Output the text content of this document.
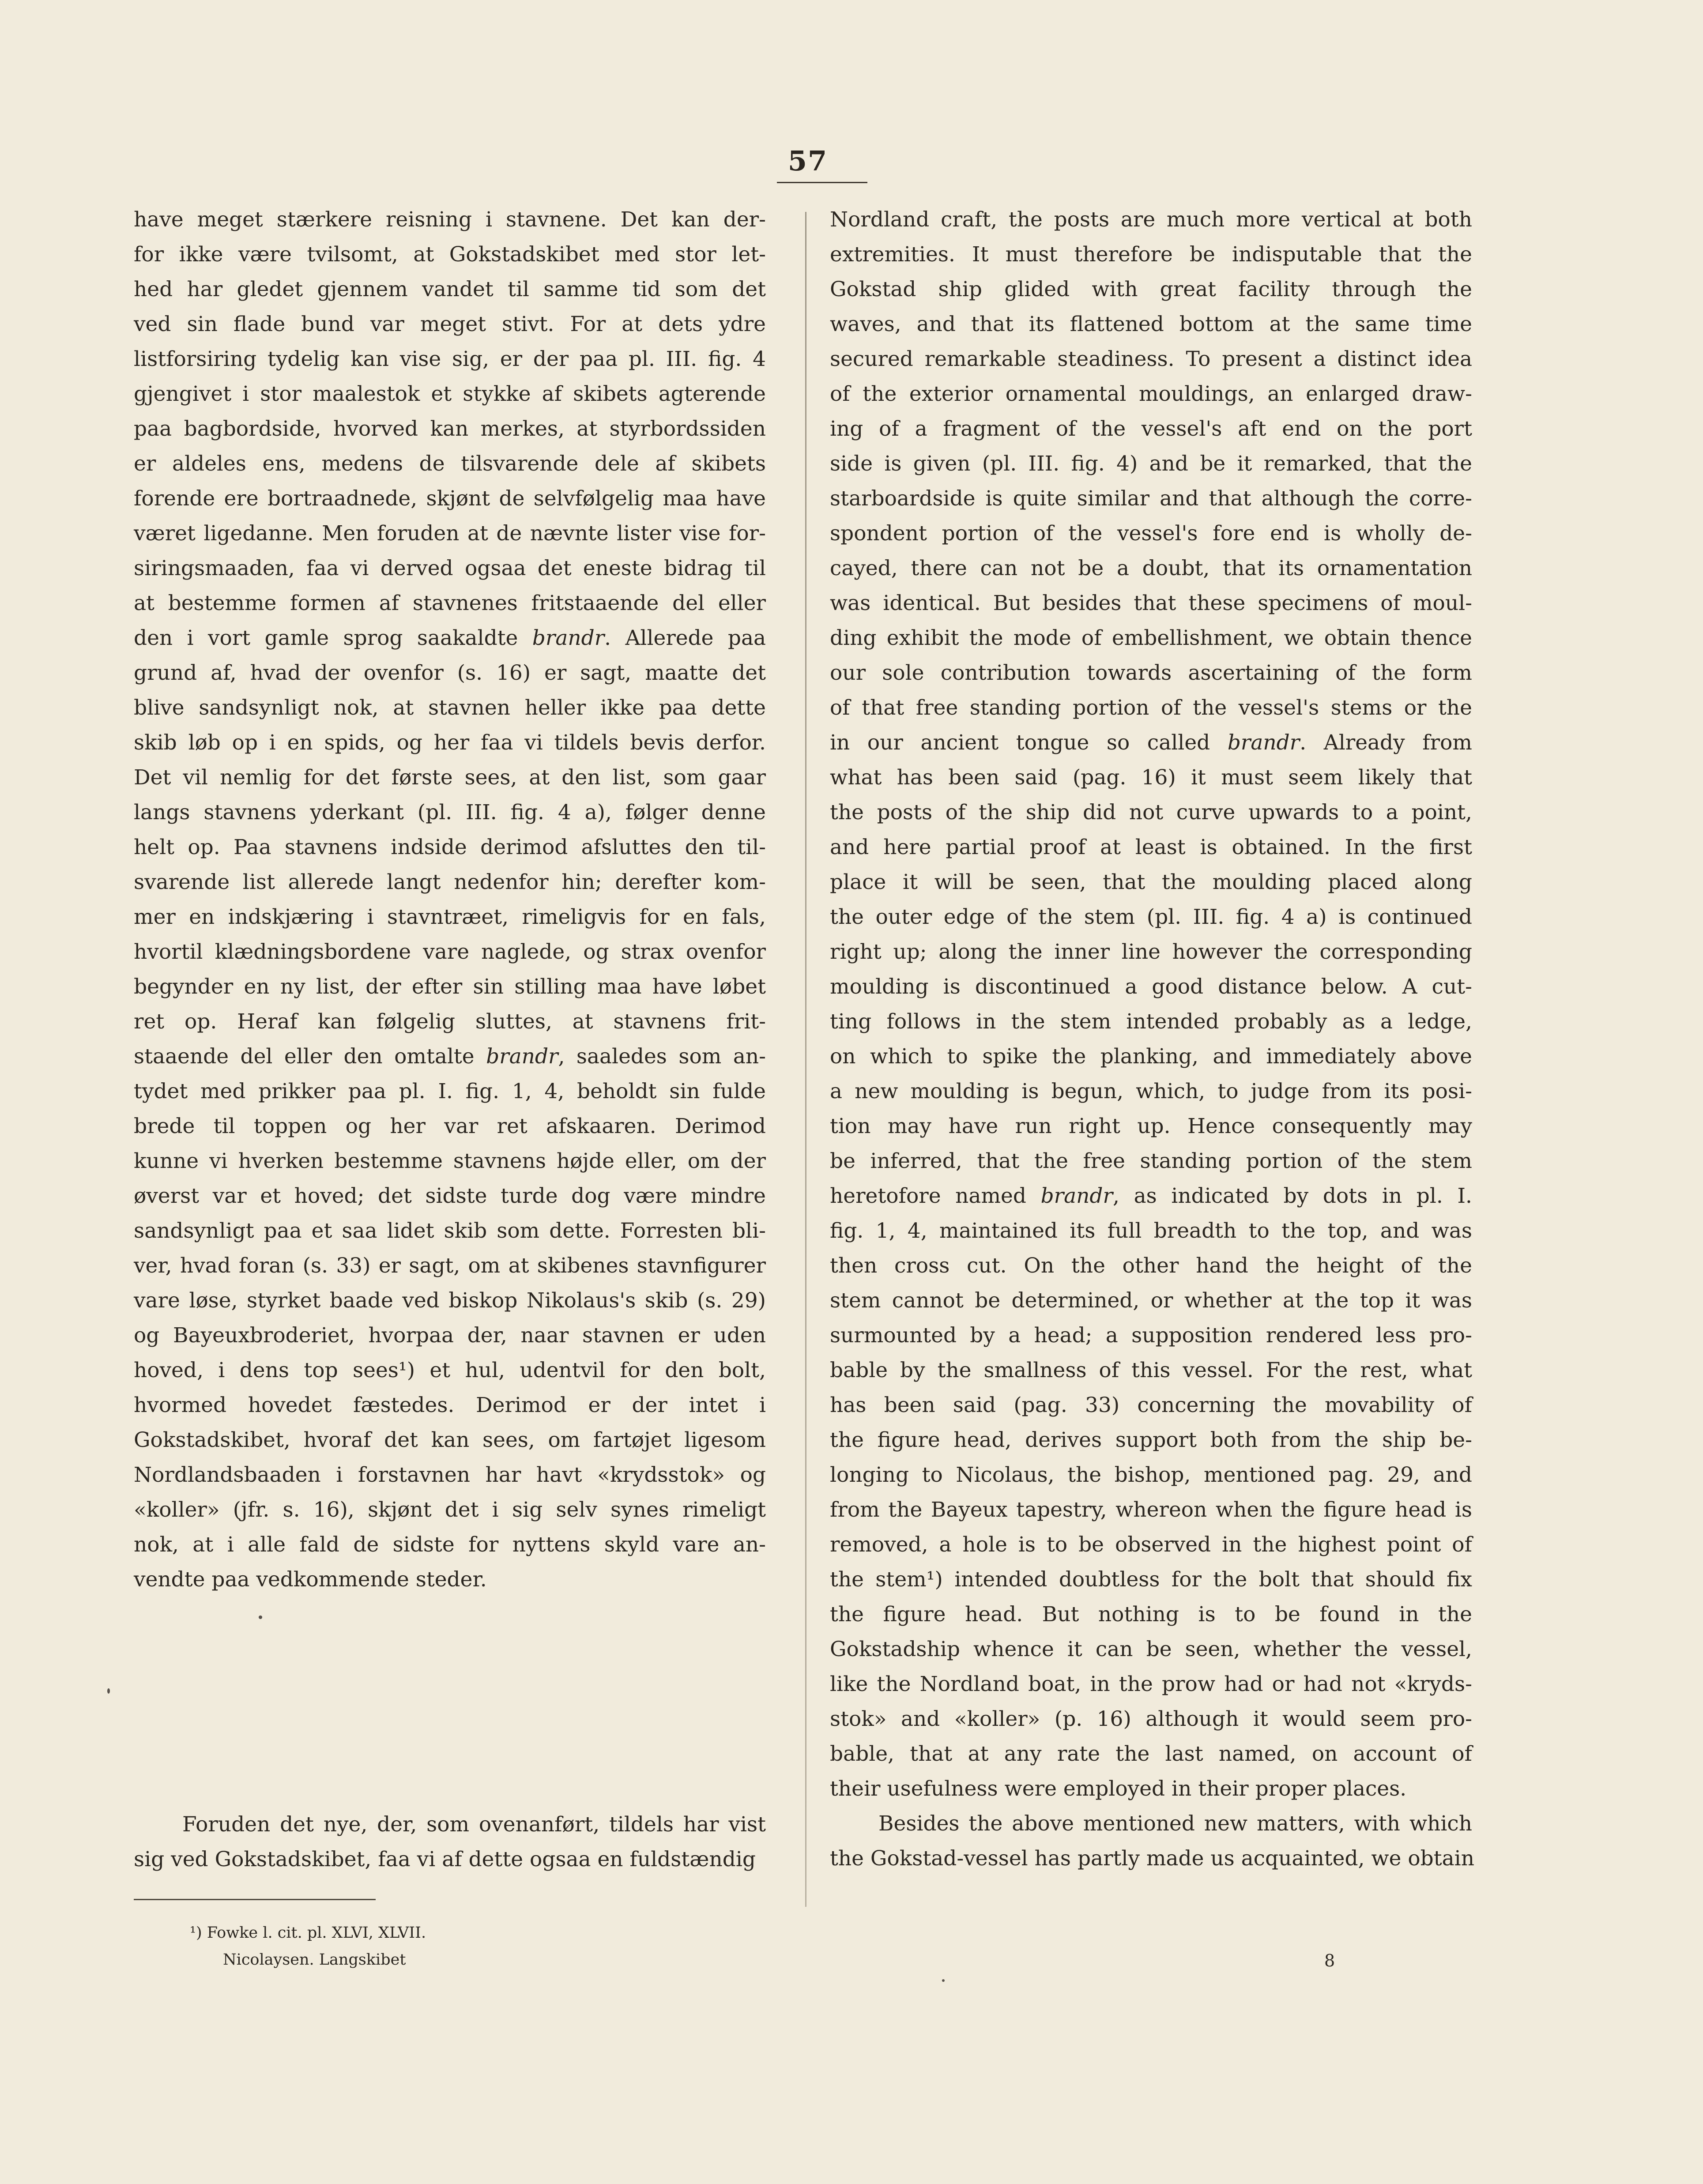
57
have meget stærkere reisning i stavnene. Det kan der-
for ikke være tvilsomt, at Gokstadskibet med stor let-
hed har gledet gjennem vandet til samme tid som det
ved sin flade bund var meget stivt. For at dets ydre
listforsiring tydelig kan vise sig, er der paa pl. III. fig. 4
gjengivet i stor maalestok et stykke af skibets agterende
paa bagbordside, hvorved kan merkes, at styrbordssiden
er aldeles ens, medens de tilsvarende dele af skibets
forende ere bortraadnede, skjønt de selvfølgelig maa have
været ligedanne. Men foruden at de nævnte lister vise for-
siringsmaaden, faa vi derved ogsaa det eneste bidrag til
at bestemme formen af stavnenes fritstaaende del eller
den i vort gamle sprog saakaldte brandr. Allerede paa
grund af, hvad der ovenfor (s. 16) er sagt, maatte det
blive sandsynligt nok, at stavnen heller ikke paa dette
skib løb op i en spids, og her faa vi tildels bevis derfor.
Det vil nemlig for det første sees, at den list, som gaar
langs stavnens yderkant (pl. III. fig. 4 a), følger denne
helt op. Paa stavnens indside derimod afsluttes den til-
svarende list allerede langt nedenfor hin; derefter kom-
mer en indskjæring i stavntræet, rimeligvis for en fals,
hvortil klædningsbordene vare naglede, og strax ovenfor
begynder en ny list, der efter sin stilling maa have løbet
ret op. Heraf kan følgelig sluttes, at stavnens frit-
staaende del eller den omtalte brandr, saaledes som an-
tydet med prikker paa pl. I. fig. 1, 4, beholdt sin fulde
brede til toppen og her var ret afskaaren. Derimod
kunne vi hverken bestemme stavnens højde eller, om der
øverst var et hoved; det sidste turde dog være mindre
sandsynligt paa et saa lidet skib som dette. Forresten bli-
ver, hvad foran (s. 33) er sagt, om at skibenes stavnfigurer
vare løse, styrket baade ved biskop Nikolaus's skib (s. 29)
og Bayeuxbroderiet, hvorpaa der, naar stavnen er uden
hoved, i dens top sees¹) et hul, udentvil for den bolt,
hvormed hovedet fæstedes. Derimod er der intet i
Gokstadskibet, hvoraf det kan sees, om fartøjet ligesom
Nordlandsbaaden i forstavnen har havt «krydsstok» og
«koller» (jfr. s. 16), skjønt det i sig selv synes rimeligt
nok, at i alle fald de sidste for nyttens skyld vare an-
vendte paa vedkommende steder.
Nordland craft, the posts are much more vertical at both
extremities. It must therefore be indisputable that the
Gokstad ship glided with great facility through the
waves, and that its flattened bottom at the same time
secured remarkable steadiness. To present a distinct idea
of the exterior ornamental mouldings, an enlarged draw-
ing of a fragment of the vessel's aft end on the port
side is given (pl. III. fig. 4) and be it remarked, that the
starboardside is quite similar and that although the corre-
spondent portion of the vessel's fore end is wholly de-
cayed, there can not be a doubt, that its ornamentation
was identical. But besides that these specimens of moul-
ding exhibit the mode of embellishment, we obtain thence
our sole contribution towards ascertaining of the form
of that free standing portion of the vessel's stems or the
in our ancient tongue so called brandr. Already from
what has been said (pag. 16) it must seem likely that
the posts of the ship did not curve upwards to a point,
and here partial proof at least is obtained. In the first
place it will be seen, that the moulding placed along
the outer edge of the stem (pl. III. fig. 4 a) is continued
right up; along the inner line however the corresponding
moulding is discontinued a good distance below. A cut-
ting follows in the stem intended probably as a ledge,
on which to spike the planking, and immediately above
a new moulding is begun, which, to judge from its posi-
tion may have run right up. Hence consequently may
be inferred, that the free standing portion of the stem
heretofore named brandr, as indicated by dots in pl. I.
fig. 1, 4, maintained its full breadth to the top, and was
then cross cut. On the other hand the height of the
stem cannot be determined, or whether at the top it was
surmounted by a head; a supposition rendered less pro-
bable by the smallness of this vessel. For the rest, what
has been said (pag. 33) concerning the movability of
the figure head, derives support both from the ship be-
longing to Nicolaus, the bishop, mentioned pag. 29, and
from the Bayeux tapestry, whereon when the figure head is
removed, a hole is to be observed in the highest point of
the stem¹) intended doubtless for the bolt that should fix
the figure head. But nothing is to be found in the
Gokstadship whence it can be seen, whether the vessel,
like the Nordland boat, in the prow had or had not «kryds-
stok» and «koller» (p. 16) although it would seem pro-
bable, that at any rate the last named, on account of
their usefulness were employed in their proper places.
Besides the above mentioned new matters, with which
the Gokstad-vessel has partly made us acquainted, we obtain
Foruden det nye, der, som ovenanført, tildels har vist
sig ved Gokstadskibet, faa vi af dette ogsaa en fuldstændig
¹) Fowke l. cit. pl. XLVI, XLVII.
Nicolaysen. Langskibet	8
